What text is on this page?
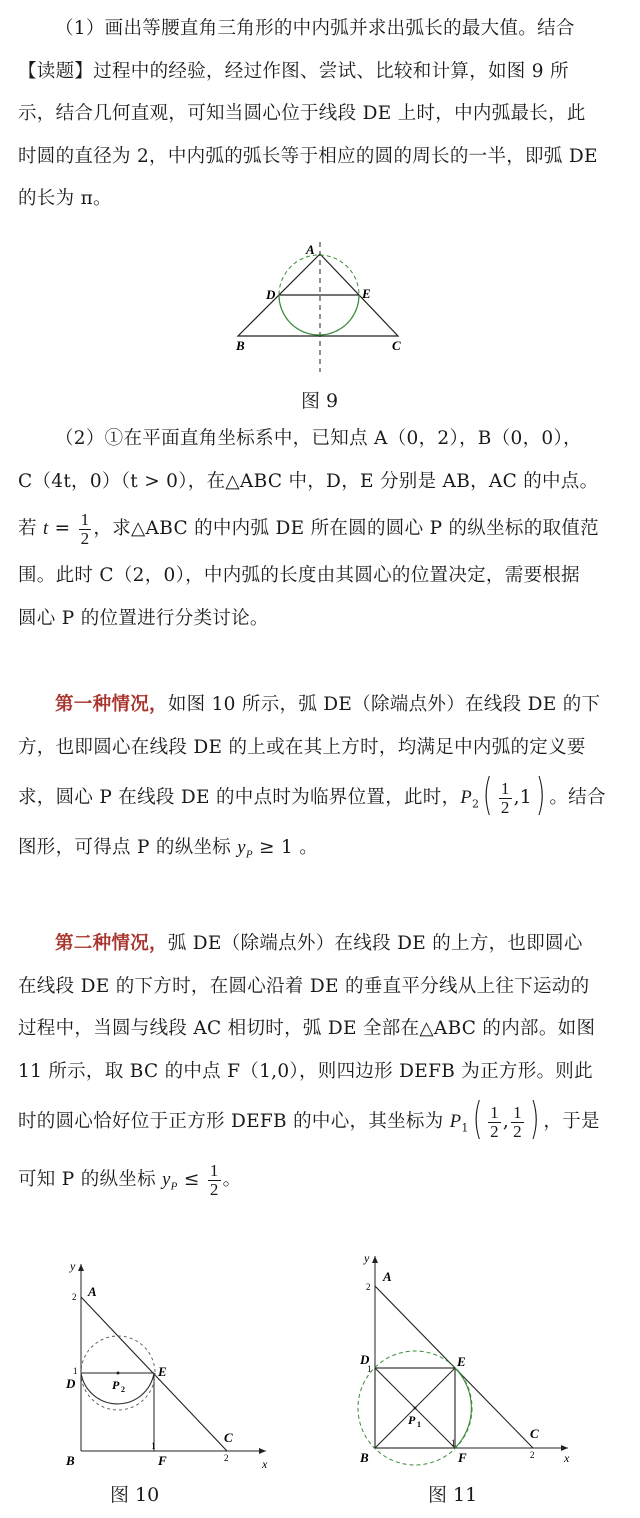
（1）画出等腰直角三角形的中内弧并求出弧长的最大值。结合

【读题】过程中的经验，经过作图、尝试、比较和计算，如图 9 所

示，结合几何直观，可知当圆心位于线段 DE 上时，中内弧最长，此

时圆的直径为 2，中内弧的弧长等于相应的圆的周长的一半，即弧 DE

的长为 π。

A
D	E
B	C
图 9

（2）①在平面直角坐标系中，已知点 A（0，2），B（0，0），

C（4t，0）（t > 0），在△ABC 中，D，E 分别是 AB，AC 的中点。

若 $t = \frac{1}{2}$ ，求△ABC 的中内弧 DE 所在圆的圆心 P 的纵坐标的取值范

围。此时 C（2，0），中内弧的长度由其圆心的位置决定，需要根据

圆心 P 的位置进行分类讨论。

第一种情况，如图 10 所示，弧 DE（除端点外）在线段 DE 的下

方，也即圆心在线段 DE 的上或在其上方时，均满足中内弧的定义要

求，圆心 P 在线段 DE 的中点时为临界位置，此时，$P_2( \frac{1}{2} ,1)$ 。结合

图形，可得点 P 的纵坐标 $y_P \ge 1$ 。

第二种情况，弧 DE（除端点外）在线段 DE 的上方，也即圆心

在线段 DE 的下方时，在圆心沿着 DE 的垂直平分线从上往下运动的

过程中，当圆与线段 AC 相切时，弧 DE 全部在△ABC 的内部。如图

11 所示，取 BC 的中点 F（1,0），则四边形 DEFB 为正方形。则此

时的圆心恰好位于正方形 DEFB 的中心，其坐标为 $P_1( \frac{1}{2}$ , $\frac{1}{2}$ ) ，于是

可知 P 的纵坐标 $y_P \le \frac{1}{2}$ 。

y
x
A
2
1
D
E
P 2
B
1
F	2
C
图 10
y
x
A
2
D
1	E
P 1
B
1
F	2
C
图 11
